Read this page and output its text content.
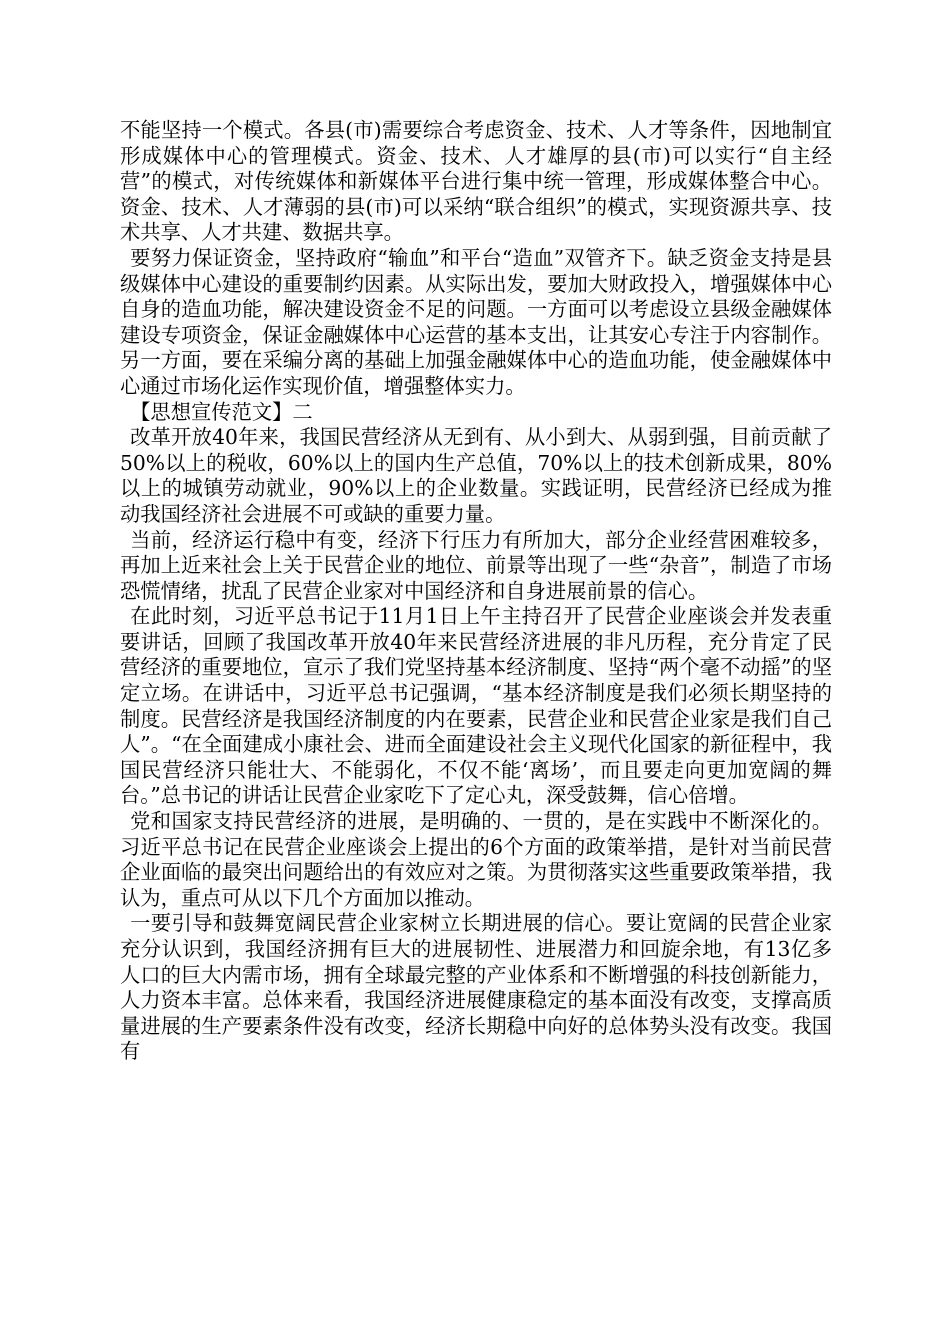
不能坚持一个模式。各县(市)需要综合考虑资金、技术、人才等条件，因地制宜形成媒体中心的管理模式。资金、技术、人才雄厚的县(市)可以实行“自主经营”的模式，对传统媒体和新媒体平台进行集中统一管理，形成媒体整合中心。资金、技术、人才薄弱的县(市)可以采纳“联合组织”的模式，实现资源共享、技术共享、人才共建、数据共享。

要努力保证资金，坚持政府“输血”和平台“造血”双管齐下。缺乏资金支持是县级媒体中心建设的重要制约因素。从实际出发，要加大财政投入，增强媒体中心自身的造血功能，解决建设资金不足的问题。一方面可以考虑设立县级金融媒体建设专项资金，保证金融媒体中心运营的基本支出，让其安心专注于内容制作。另一方面，要在采编分离的基础上加强金融媒体中心的造血功能，使金融媒体中心通过市场化运作实现价值，增强整体实力。

【思想宣传范文】二

改革开放40年来，我国民营经济从无到有、从小到大、从弱到强，目前贡献了50%以上的税收，60%以上的国内生产总值，70%以上的技术创新成果，80%以上的城镇劳动就业，90%以上的企业数量。实践证明，民营经济已经成为推动我国经济社会进展不可或缺的重要力量。

当前，经济运行稳中有变，经济下行压力有所加大，部分企业经营困难较多，再加上近来社会上关于民营企业的地位、前景等出现了一些“杂音”，制造了市场恐慌情绪，扰乱了民营企业家对中国经济和自身进展前景的信心。

在此时刻，习近平总书记于11月1日上午主持召开了民营企业座谈会并发表重要讲话，回顾了我国改革开放40年来民营经济进展的非凡历程，充分肯定了民营经济的重要地位，宣示了我们党坚持基本经济制度、坚持“两个毫不动摇”的坚定立场。在讲话中，习近平总书记强调，“基本经济制度是我们必须长期坚持的制度。民营经济是我国经济制度的内在要素，民营企业和民营企业家是我们自己人”。“在全面建成小康社会、进而全面建设社会主义现代化国家的新征程中，我国民营经济只能壮大、不能弱化，不仅不能‘离场’，而且要走向更加宽阔的舞台。”总书记的讲话让民营企业家吃下了定心丸，深受鼓舞，信心倍增。

党和国家支持民营经济的进展，是明确的、一贯的，是在实践中不断深化的。习近平总书记在民营企业座谈会上提出的6个方面的政策举措，是针对当前民营企业面临的最突出问题给出的有效应对之策。为贯彻落实这些重要政策举措，我认为，重点可从以下几个方面加以推动。

一要引导和鼓舞宽阔民营企业家树立长期进展的信心。要让宽阔的民营企业家充分认识到，我国经济拥有巨大的进展韧性、进展潜力和回旋余地，有13亿多人口的巨大内需市场，拥有全球最完整的产业体系和不断增强的科技创新能力，人力资本丰富。总体来看，我国经济进展健康稳定的基本面没有改变，支撑高质量进展的生产要素条件没有改变，经济长期稳中向好的总体势头没有改变。我国有
